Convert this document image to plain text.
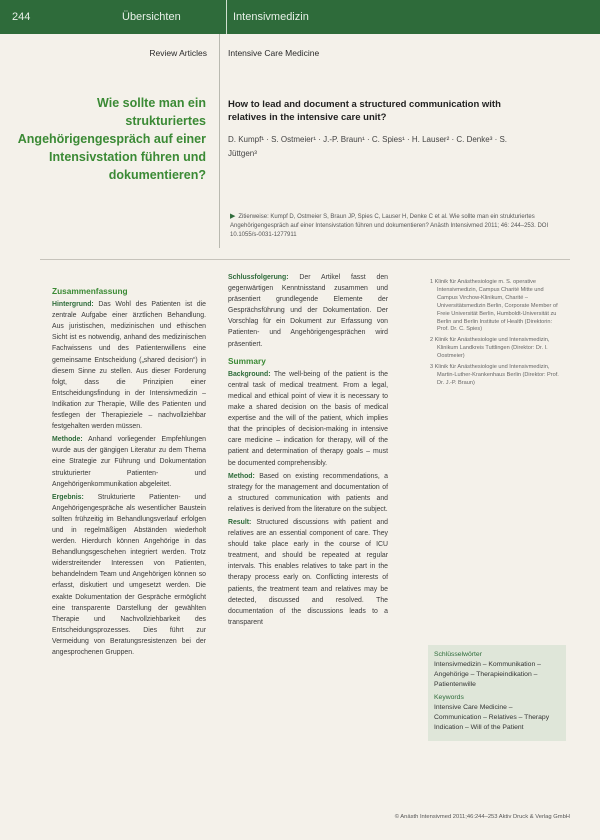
244	Übersichten	Intensivmedizin
Review Articles Intensive Care Medicine
Wie sollte man ein strukturiertes Angehörigengespräch auf einer Intensivstation führen und dokumentieren?
How to lead and document a structured communication with relatives in the intensive care unit?
D. Kumpf¹ · S. Ostmeier¹ · J.-P. Braun¹ · C. Spies¹ · H. Lauser² · C. Denke³ · S. Jüttgen³
▶ Zitierweise: Kumpf D, Ostmeier S, Braun JP, Spies C, Lauser H, Denke C et al. Wie sollte man ein strukturiertes Angehörigengespräch auf einer Intensivstation führen und dokumentieren? Anästh Intensivmed 2011; 46: 244–253. DOI 10.1055/s-0031-1277911
Zusammenfassung

Hintergrund: Das Wohl des Patienten ist die zentrale Aufgabe einer ärztlichen Behandlung. Aus juristischen, medizinischen und ethischen Sicht ist es notwendig, anhand des medizinischen Fachwissens und des Patientenwillens eine gemeinsame Entscheidung („shared decision“) in diesem Sinne zu stellen. Aus dieser Forderung folgt, dass die Prinzipien einer Entscheidungsfindung in der Intensivmedizin – Indikation zur Therapie, Wille des Patienten und festlegen der Therapieziele – nachvollziehbar festgehalten werden müssen.

Methode: Anhand vorliegender Empfehlungen wurde aus der gängigen Literatur zu dem Thema eine Strategie zur Führung und Dokumentation strukturierter Patienten- und Angehörigenkommunikation abgeleitet.

Ergebnis: Strukturierte Patienten- und Angehörigengespräche als wesentlicher Baustein sollten frühzeitig im Behandlungsverlauf erfolgen und in regelmäßigen Abständen wiederholt werden. Hierdurch können Angehörige in das Behandlungsgeschehen integriert werden. Trotz widerstreitender Interessen von Patienten, behandelndem Team und Angehörigen können so erfasst, diskutiert und umgesetzt werden. Die exakte Dokumentation der Gespräche ermöglicht eine transparente Darstellung der gewählten Therapie und Nachvollziehbarkeit des Entscheidungsprozesses. Dies führt zur Vermeidung von Beratungsresistenzen bei der angesprochenen Gruppen.

Schlussfolgerung: Der Artikel fasst den gegenwärtigen Kenntnisstand zusammen und präsentiert grundlegende Elemente der Gesprächsführung und der Dokumentation. Der Vorschlag für ein Dokument zur Erfassung von Patienten- und Angehörigengesprächen wird präsentiert.

Summary

Background: The well-being of the patient is the central task of medical treatment. From a legal, medical and ethical point of view it is necessary to make a shared decision on the basis of medical expertise and the will of the patient, which implies that the principles of decision-making in intensive care medicine – indication for therapy, will of the patient and determination of therapy goals – must be documented comprehensibly.

Method: Based on existing recommendations, a strategy for the management and documentation of a structured communication with patients and relatives is derived from the literature on the subject.

Result: Structured discussions with patient and relatives are an essential component of care. They should take place early in the course of ICU treatment, and should be repeated at regular intervals. This enables relatives to take part in the therapy process early on. Conflicting interests of patients, the treatment team and relatives may be detected, discussed and resolved. The documentation of the discussions leads to a transparent

1 Klinik für Anästhesiologie m. S. operative Intensivmedizin, Campus Charité Mitte und Campus Virchow-Klinikum, Charité – Universitätsmedizin Berlin, Corporate Member of Freie Universität Berlin, Humboldt-Universität zu Berlin and Berlin Institute of Health (Direktorin: Prof. Dr. C. Spies)

2 Klinik für Anästhesiologie und Intensivmedizin, Klinikum Landkreis Tuttlingen (Direktor: Dr. I. Oostmeier)

3 Klinik für Anästhesiologie und Intensivmedizin, Martin-Luther-Krankenhaus Berlin (Direktor: Prof. Dr. J.-P. Braun)

Schlüsselwörter
Intensivmedizin – Kommunikation – Angehörige – Therapieindikation – Patientenwille
Keywords
Intensive Care Medicine – Communication – Relatives – Therapy Indication – Will of the Patient
© Anästh Intensivmed 2011;46:244–253 Aktiv Druck & Verlag GmbH
